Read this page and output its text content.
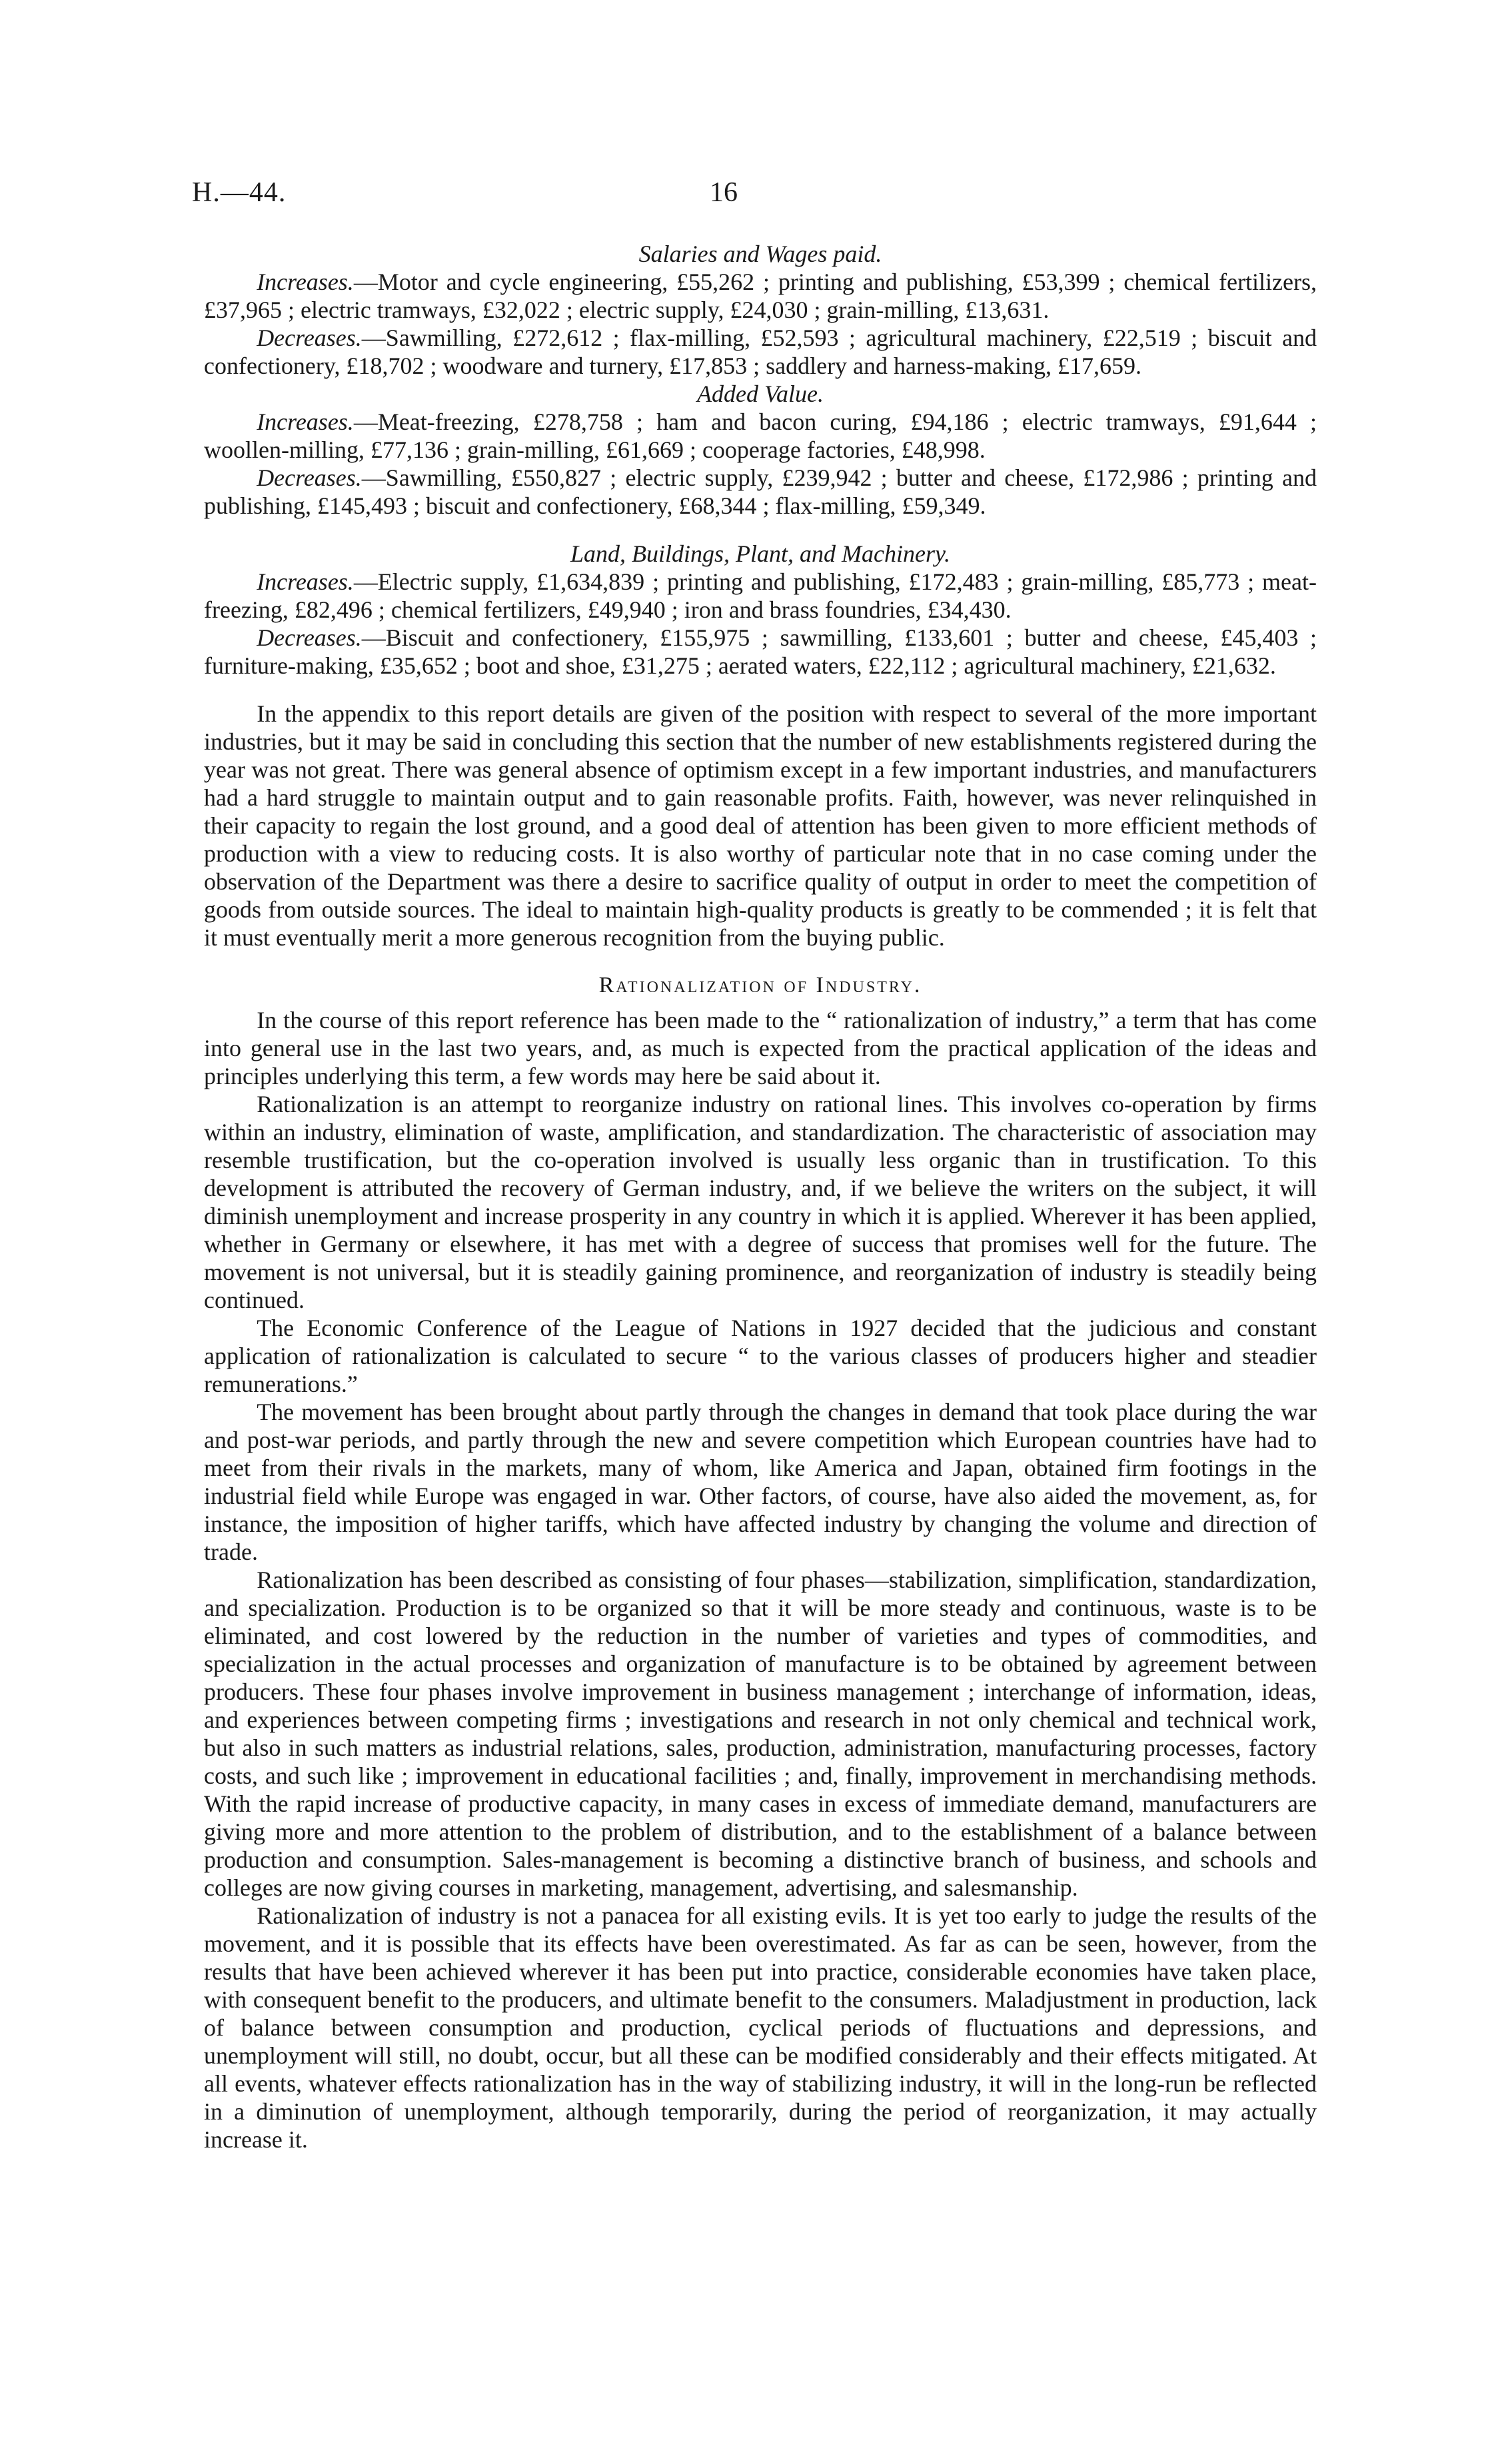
H.—44.	16
Salaries and Wages paid.

Increases.—Motor and cycle engineering, £55,262 ; printing and publishing, £53,399 ; chemical fertilizers, £37,965 ; electric tramways, £32,022 ; electric supply, £24,030 ; grain-milling, £13,631.

Decreases.—Sawmilling, £272,612 ; flax-milling, £52,593 ; agricultural machinery, £22,519 ; biscuit and confectionery, £18,702 ; woodware and turnery, £17,853 ; saddlery and harness-making, £17,659.

Added Value.

Increases.—Meat-freezing, £278,758 ; ham and bacon curing, £94,186 ; electric tramways, £91,644 ; woollen-milling, £77,136 ; grain-milling, £61,669 ; cooperage factories, £48,998.

Decreases.—Sawmilling, £550,827 ; electric supply, £239,942 ; butter and cheese, £172,986 ; printing and publishing, £145,493 ; biscuit and confectionery, £68,344 ; flax-milling, £59,349.

Land, Buildings, Plant, and Machinery.

Increases.—Electric supply, £1,634,839 ; printing and publishing, £172,483 ; grain-milling, £85,773 ; meat-freezing, £82,496 ; chemical fertilizers, £49,940 ; iron and brass foundries, £34,430.

Decreases.—Biscuit and confectionery, £155,975 ; sawmilling, £133,601 ; butter and cheese, £45,403 ; furniture-making, £35,652 ; boot and shoe, £31,275 ; aerated waters, £22,112 ; agricultural machinery, £21,632.

In the appendix to this report details are given of the position with respect to several of the more important industries, but it may be said in concluding this section that the number of new establishments registered during the year was not great. There was general absence of optimism except in a few important industries, and manufacturers had a hard struggle to maintain output and to gain reasonable profits. Faith, however, was never relinquished in their capacity to regain the lost ground, and a good deal of attention has been given to more efficient methods of production with a view to reducing costs. It is also worthy of particular note that in no case coming under the observation of the Department was there a desire to sacrifice quality of output in order to meet the competition of goods from outside sources. The ideal to maintain high-quality products is greatly to be commended ; it is felt that it must eventually merit a more generous recognition from the buying public.

Rationalization of Industry.

In the course of this report reference has been made to the “ rationalization of industry,” a term that has come into general use in the last two years, and, as much is expected from the practical application of the ideas and principles underlying this term, a few words may here be said about it.

Rationalization is an attempt to reorganize industry on rational lines. This involves co-operation by firms within an industry, elimination of waste, amplification, and standardization. The characteristic of association may resemble trustification, but the co-operation involved is usually less organic than in trustification. To this development is attributed the recovery of German industry, and, if we believe the writers on the subject, it will diminish unemployment and increase prosperity in any country in which it is applied. Wherever it has been applied, whether in Germany or elsewhere, it has met with a degree of success that promises well for the future. The movement is not universal, but it is steadily gaining prominence, and reorganization of industry is steadily being continued.

The Economic Conference of the League of Nations in 1927 decided that the judicious and constant application of rationalization is calculated to secure “ to the various classes of producers higher and steadier remunerations.”

The movement has been brought about partly through the changes in demand that took place during the war and post-war periods, and partly through the new and severe competition which European countries have had to meet from their rivals in the markets, many of whom, like America and Japan, obtained firm footings in the industrial field while Europe was engaged in war. Other factors, of course, have also aided the movement, as, for instance, the imposition of higher tariffs, which have affected industry by changing the volume and direction of trade.

Rationalization has been described as consisting of four phases—stabilization, simplification, standardization, and specialization. Production is to be organized so that it will be more steady and continuous, waste is to be eliminated, and cost lowered by the reduction in the number of varieties and types of commodities, and specialization in the actual processes and organization of manufacture is to be obtained by agreement between producers. These four phases involve improvement in business management ; interchange of information, ideas, and experiences between competing firms ; investigations and research in not only chemical and technical work, but also in such matters as industrial relations, sales, production, administration, manufacturing processes, factory costs, and such like ; improvement in educational facilities ; and, finally, improvement in merchandising methods. With the rapid increase of productive capacity, in many cases in excess of immediate demand, manufacturers are giving more and more attention to the problem of distribution, and to the establishment of a balance between production and consumption. Sales-management is becoming a distinctive branch of business, and schools and colleges are now giving courses in marketing, management, advertising, and salesmanship.

Rationalization of industry is not a panacea for all existing evils. It is yet too early to judge the results of the movement, and it is possible that its effects have been overestimated. As far as can be seen, however, from the results that have been achieved wherever it has been put into practice, considerable economies have taken place, with consequent benefit to the producers, and ultimate benefit to the consumers. Maladjustment in production, lack of balance between consumption and production, cyclical periods of fluctuations and depressions, and unemployment will still, no doubt, occur, but all these can be modified considerably and their effects mitigated. At all events, whatever effects rationalization has in the way of stabilizing industry, it will in the long-run be reflected in a diminution of unemployment, although temporarily, during the period of reorganization, it may actually increase it.
